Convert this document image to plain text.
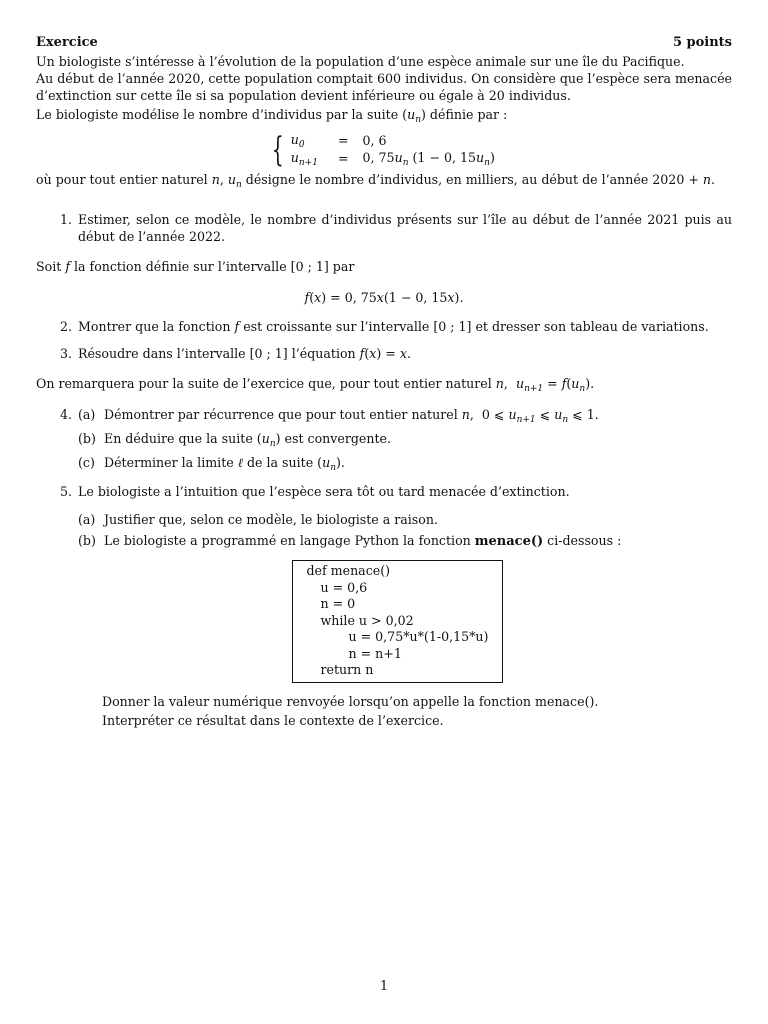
Exercice	5 points

Un biologiste s’intéresse à l’évolution de la population d’une espèce animale sur une île du Pacifique.

Au début de l’année 2020, cette population comptait 600 individus. On considère que l’espèce sera menacée d’extinction sur cette île si sa population devient inférieure ou égale à 20 individus.

Le biologiste modélise le nombre d’individus par la suite $(u_n)$ définie par :

{ $u_0$	=	0, 6
$u_{n+1}$	=	0, $75u_n$ (1 − 0, $15u_n$)

où pour tout entier naturel n, $u_n$ désigne le nombre d’individus, en milliers, au début de l’année 2020 + n.

1. Estimer, selon ce modèle, le nombre d’individus présents sur l’île au début de l’année 2021 puis au début de l’année 2022.

Soit f la fonction définie sur l’intervalle [0 ; 1] par

f(x) = 0, 75x(1 − 0, 15x).

2. Montrer que la fonction f est croissante sur l’intervalle [0 ; 1] et dresser son tableau de variations.
3. Résoudre dans l’intervalle [0 ; 1] l’équation f(x) = x.

On remarquera pour la suite de l’exercice que, pour tout entier naturel n,  $u_{n+1} = f(u_n)$.

4. (a) Démontrer par récurrence que pour tout entier naturel n,  0 ⩽ $u_{n+1}$ ⩽ $u_n$ ⩽ 1.
(b) En déduire que la suite $(u_n)$ est convergente.
(c) Déterminer la limite ℓ de la suite $(u_n)$.
5. Le biologiste a l’intuition que l’espèce sera tôt ou tard menacée d’extinction.
(a) Justifier que, selon ce modèle, le biologiste a raison.
(b) Le biologiste a programmé en langage Python la fonction menace() ci-dessous :
def menace()
u = 0,6
n = 0
while u > 0,02
u = 0,75*u*(1-0,15*u)
n = n+1
return n
Donner la valeur numérique renvoyée lorsqu’on appelle la fonction menace().
Interpréter ce résultat dans le contexte de l’exercice.
1
